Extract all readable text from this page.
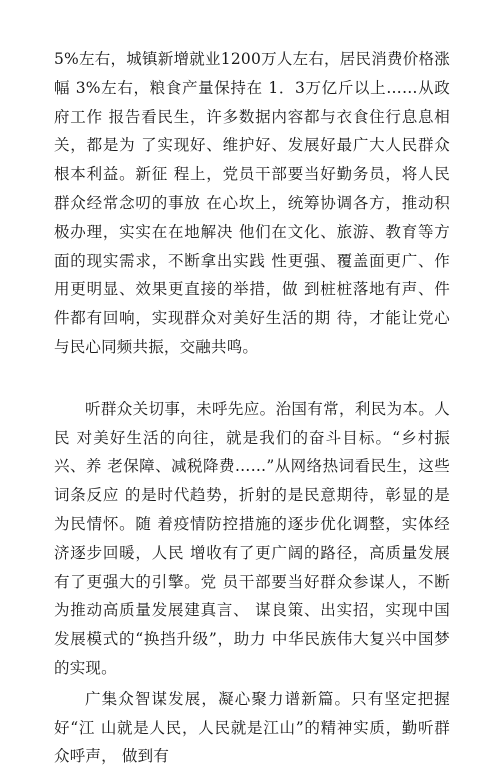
5%左右，城镇新增就业1200万人左右，居民消费价格涨幅 3%左右，粮食产量保持在 1．3万亿斤以上……从政府工作 报告看民生，许多数据内容都与衣食住行息息相关，都是为 了实现好、维护好、发展好最广大人民群众根本利益。新征 程上，党员干部要当好勤务员，将人民群众经常念叨的事放 在心坎上，统筹协调各方，推动积极办理，实实在在地解决 他们在文化、旅游、教育等方面的现实需求，不断拿出实践 性更强、覆盖面更广、作用更明显、效果更直接的举措，做 到桩桩落地有声、件件都有回响，实现群众对美好生活的期 待，才能让党心与民心同频共振，交融共鸣。

听群众关切事，未呼先应。治国有常，利民为本。人民 对美好生活的向往，就是我们的奋斗目标。“乡村振兴、养 老保障、减税降费……”从网络热词看民生，这些词条反应 的是时代趋势，折射的是民意期待，彰显的是为民情怀。随 着疫情防控措施的逐步优化调整，实体经济逐步回暖，人民 增收有了更广阔的路径，高质量发展有了更强大的引擎。党 员干部要当好群众参谋人，不断为推动高质量发展建真言、 谋良策、出实招，实现中国发展模式的“换挡升级”，助力 中华民族伟大复兴中国梦的实现。

广集众智谋发展，凝心聚力谱新篇。只有坚定把握好“江 山就是人民，人民就是江山”的精神实质，勤听群众呼声， 做到有
